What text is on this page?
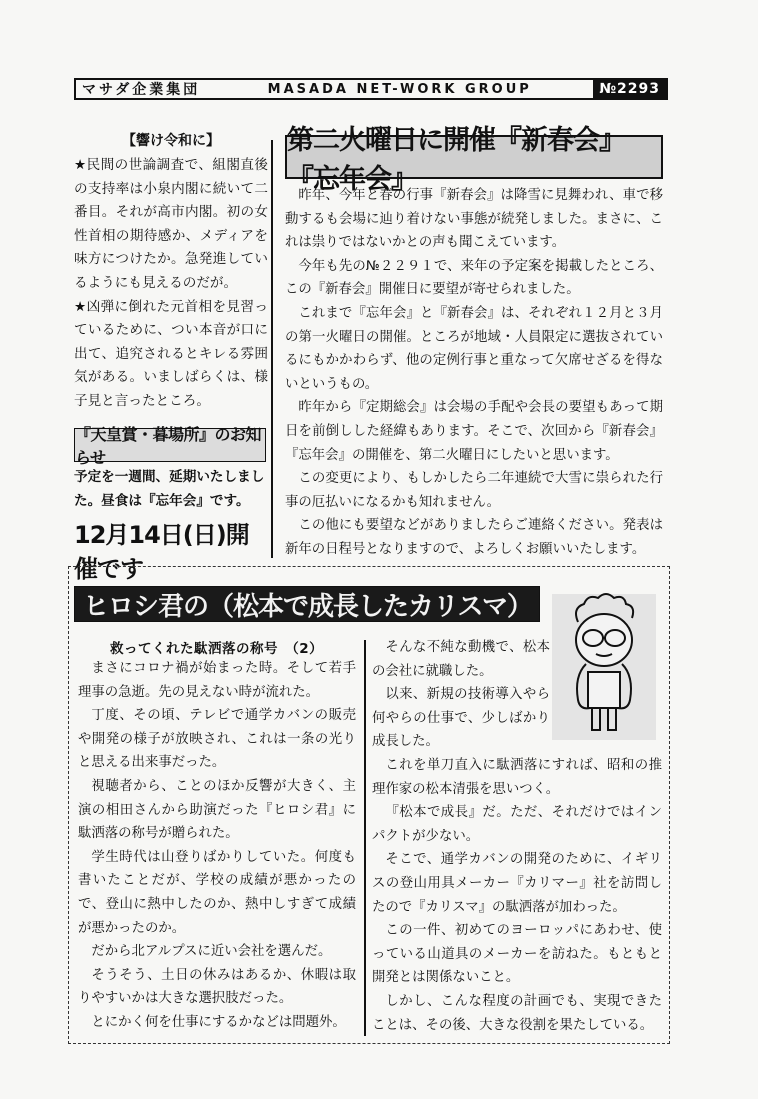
マサダ企業集団	MASADA NET-WORK GROUP	№2293
【響け令和に】

★民間の世論調査で、組閣直後の支持率は小泉内閣に続いて二番目。それが高市内閣。初の女性首相の期待感か、メディアを味方につけたか。急発進しているようにも見えるのだが。

★凶弾に倒れた元首相を見習っているために、つい本音が口に出て、追究されるとキレる雰囲気がある。いましばらくは、様子見と言ったところ。

『天皇賞・暮場所』のお知らせ
予定を一週間、延期いたしました。昼食は『忘年会』です。
12月14日(日)開催です
第二火曜日に開催『新春会』『忘年会』

昨年、今年と春の行事『新春会』は降雪に見舞われ、車で移動するも会場に辿り着けない事態が続発しました。まさに、これは祟りではないかとの声も聞こえています。

今年も先の№２２９１で、来年の予定案を掲載したところ、この『新春会』開催日に要望が寄せられました。

これまで『忘年会』と『新春会』は、それぞれ１２月と３月の第一火曜日の開催。ところが地域・人員限定に選抜されているにもかかわらず、他の定例行事と重なって欠席せざるを得ないというもの。

昨年から『定期総会』は会場の手配や会長の要望もあって期日を前倒しした経緯もあります。そこで、次回から『新春会』『忘年会』の開催を、第二火曜日にしたいと思います。

この変更により、もしかしたら二年連続で大雪に祟られた行事の厄払いになるかも知れません。

この他にも要望などがありましたらご連絡ください。発表は新年の日程号となりますので、よろしくお願いいたします。

ヒロシ君の（松本で成長したカリスマ）
救ってくれた駄洒落の称号　（2）

まさにコロナ禍が始まった時。そして若手理事の急逝。先の見えない時が流れた。

丁度、その頃、テレビで通学カバンの販売や開発の様子が放映され、これは一条の光りと思える出来事だった。

視聴者から、ことのほか反響が大きく、主演の相田さんから助演だった『ヒロシ君』に駄洒落の称号が贈られた。

学生時代は山登りばかりしていた。何度も書いたことだが、学校の成績が悪かったので、登山に熱中したのか、熱中しすぎて成績が悪かったのか。

だから北アルプスに近い会社を選んだ。

そうそう、土日の休みはあるか、休暇は取りやすいかは大きな選択肢だった。

とにかく何を仕事にするかなどは問題外。

そんな不純な動機で、松本の会社に就職した。

以来、新規の技術導入やら何やらの仕事で、少しばかり成長した。

これを単刀直入に駄洒落にすれば、昭和の推理作家の松本清張を思いつく。

『松本で成長』だ。ただ、それだけではインパクトが少ない。

そこで、通学カバンの開発のために、イギリスの登山用具メーカー『カリマー』社を訪問したので『カリスマ』の駄洒落が加わった。

この一件、初めてのヨーロッパにあわせ、使っている山道具のメーカーを訪ねた。もともと開発とは関係ないこと。

しかし、こんな程度の計画でも、実現できたことは、その後、大きな役割を果たしている。
